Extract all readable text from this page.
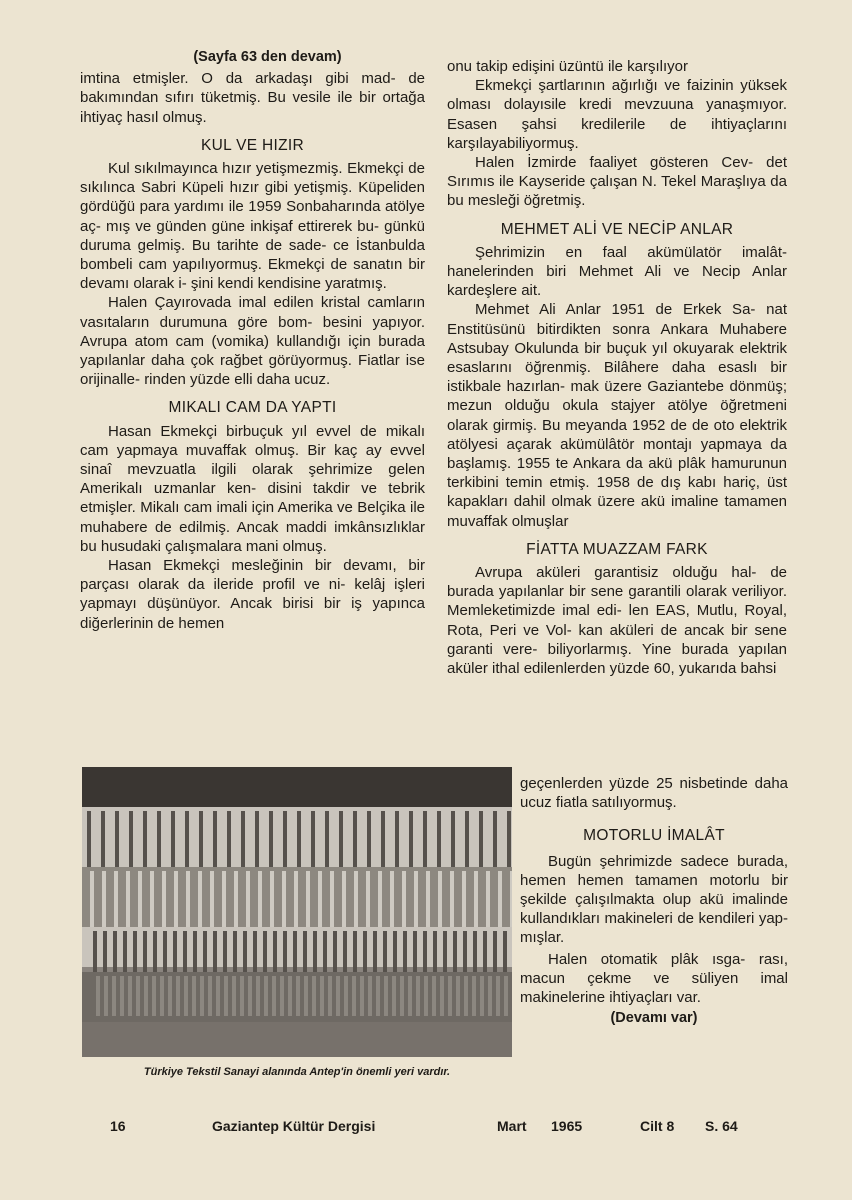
(Sayfa 63 den devam)

imtina etmişler. O da arkadaşı gibi mad- de bakımından sıfırı tüketmiş. Bu vesile ile bir ortağa ihtiyaç hasıl olmuş.

KUL VE HIZIR

Kul sıkılmayınca hızır yetişmezmiş. Ekmekçi de sıkılınca Sabri Küpeli hızır gibi yetişmiş. Küpeliden gördüğü para yardımı ile 1959 Sonbaharında atölye aç- mış ve günden güne inkişaf ettirerek bu- günkü duruma gelmiş. Bu tarihte de sade- ce İstanbulda bombeli cam yapılıyormuş. Ekmekçi de sanatın bir devamı olarak i- şini kendi kendisine yaratmış.

Halen Çayırovada imal edilen kristal camların vasıtaların durumuna göre bom- besini yapıyor. Avrupa atom cam (vomika) kullandığı için burada yapılanlar daha çok rağbet görüyormuş. Fiatlar ise orijinalle- rinden yüzde elli daha ucuz.

MIKALI CAM DA YAPTI

Hasan Ekmekçi birbuçuk yıl evvel de mikalı cam yapmaya muvaffak olmuş. Bir kaç ay evvel sinaî mevzuatla ilgili olarak şehrimize gelen Amerikalı uzmanlar ken- disini takdir ve tebrik etmişler. Mikalı cam imali için Amerika ve Belçika ile muhabere de edilmiş. Ancak maddi imkânsızlıklar bu husudaki çalışmalara mani olmuş.

Hasan Ekmekçi mesleğinin bir devamı, bir parçası olarak da ileride profil ve ni- kelâj işleri yapmayı düşünüyor. Ancak birisi bir iş yapınca diğerlerinin de hemen

onu takip edişini üzüntü ile karşılıyor

Ekmekçi şartlarının ağırlığı ve faizinin yüksek olması dolayısile kredi mevzuuna yanaşmıyor. Esasen şahsi kredilerile de ihtiyaçlarını karşılayabiliyormuş.

Halen İzmirde faaliyet gösteren Cev- det Sırımıs ile Kayseride çalışan N. Tekel Maraşlıya da bu mesleği öğretmiş.

MEHMET ALİ VE NECİP ANLAR

Şehrimizin en faal akümülatör imalât- hanelerinden biri Mehmet Ali ve Necip Anlar kardeşlere ait.

Mehmet Ali Anlar 1951 de Erkek Sa- nat Enstitüsünü bitirdikten sonra Ankara Muhabere Astsubay Okulunda bir buçuk yıl okuyarak elektrik esaslarını öğrenmiş. Bilâhere daha esaslı bir istikbale hazırlan- mak üzere Gaziantebe dönmüş; mezun olduğu okula stajyer atölye öğretmeni olarak girmiş. Bu meyanda 1952 de de oto elektrik atölyesi açarak akümülâtör montajı yapmaya da başlamış. 1955 te Ankara da akü plâk hamurunun terkibini temin etmiş. 1958 de dış kabı hariç, üst kapakları dahil olmak üzere akü imaline tamamen muvaffak olmuşlar

FİATTA MUAZZAM FARK

Avrupa aküleri garantisiz olduğu hal- de burada yapılanlar bir sene garantili olarak veriliyor. Memleketimizde imal edi- len EAS, Mutlu, Royal, Rota, Peri ve Vol- kan aküleri de ancak bir sene garanti vere- biliyorlarmış. Yine burada yapılan aküler ithal edilenlerden yüzde 60, yukarıda bahsi

Türkiye Tekstil Sanayi alanında Antep'in önemli yeri vardır.

geçenlerden yüzde 25 nisbetinde daha ucuz fiatla satılıyormuş.

MOTORLU İMALÂT

Bugün şehrimizde sadece burada, hemen hemen tamamen motorlu bir şekilde çalışılmakta olup akü imalinde kullandıkları makineleri de kendileri yap- mışlar.

Halen otomatik plâk ısga- rası, macun çekme ve süliyen imal makinelerine ihtiyaçları var.

(Devamı var)
16	Gaziantep Kültür Dergisi	Mart 1965	Cilt 8 S. 64
